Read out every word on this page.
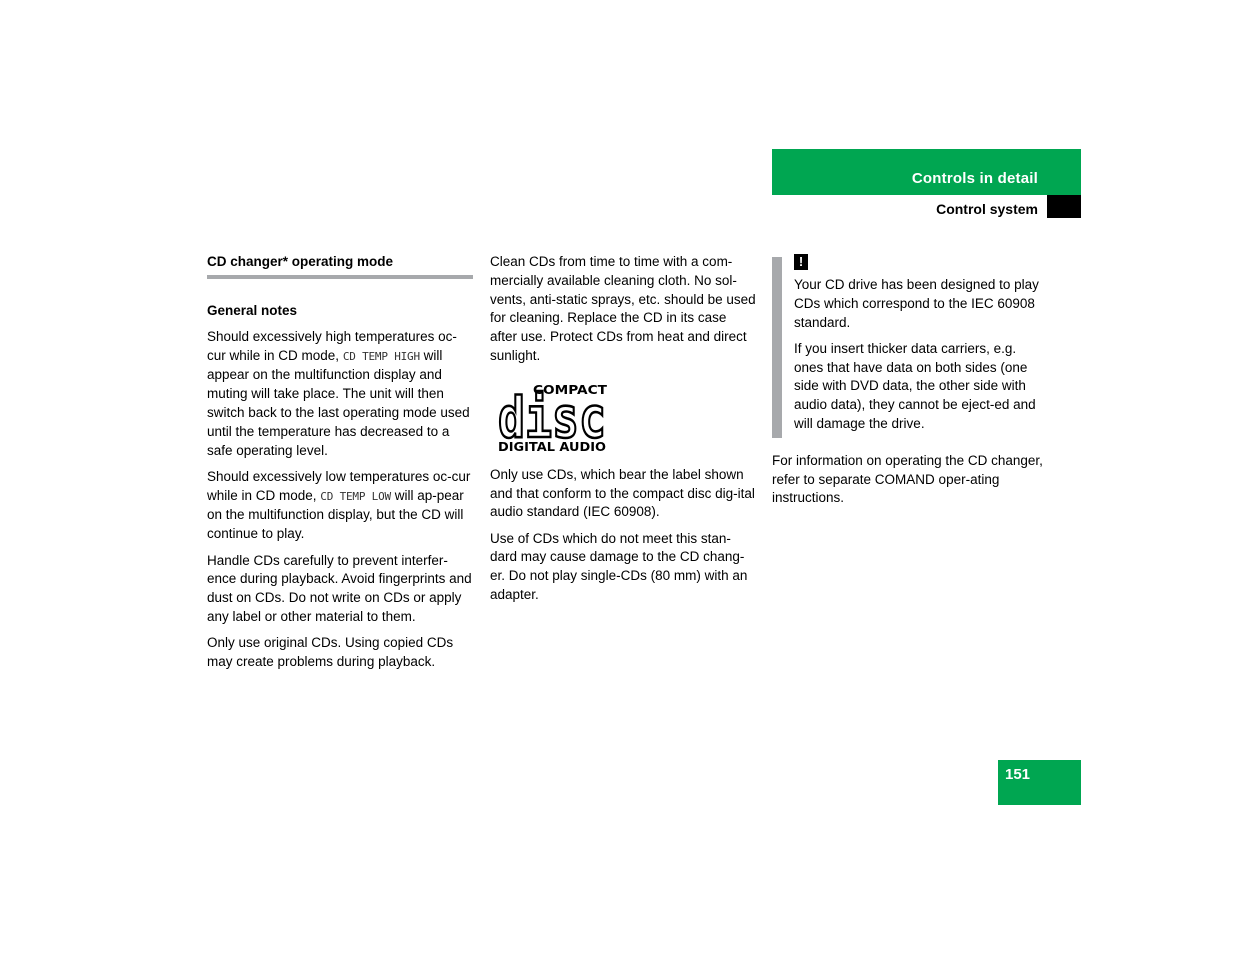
Controls in detail
Control system
CD changer* operating mode
General notes

Should excessively high temperatures oc-cur while in CD mode, CD TEMP HIGH will appear on the multifunction display and muting will take place. The unit will then switch back to the last operating mode used until the temperature has decreased to a safe operating level.

Should excessively low temperatures oc-cur while in CD mode, CD TEMP LOW will ap-pear on the multifunction display, but the CD will continue to play.

Handle CDs carefully to prevent interfer-ence during playback. Avoid fingerprints and dust on CDs. Do not write on CDs or apply any label or other material to them.

Only use original CDs. Using copied CDs may create problems during playback.

Clean CDs from time to time with a com-mercially available cleaning cloth. No sol-vents, anti-static sprays, etc. should be used for cleaning. Replace the CD in its case after use. Protect CDs from heat and direct sunlight.

COMPACT
disc
DIGITAL AUDIO

Only use CDs, which bear the label shown and that conform to the compact disc dig-ital audio standard (IEC 60908).

Use of CDs which do not meet this stan-dard may cause damage to the CD chang-er. Do not play single-CDs (80 mm) with an adapter.

!

Your CD drive has been designed to play CDs which correspond to the IEC 60908 standard.

If you insert thicker data carriers, e.g. ones that have data on both sides (one side with DVD data, the other side with audio data), they cannot be eject-ed and will damage the drive.

For information on operating the CD changer, refer to separate COMAND oper-ating instructions.

151
